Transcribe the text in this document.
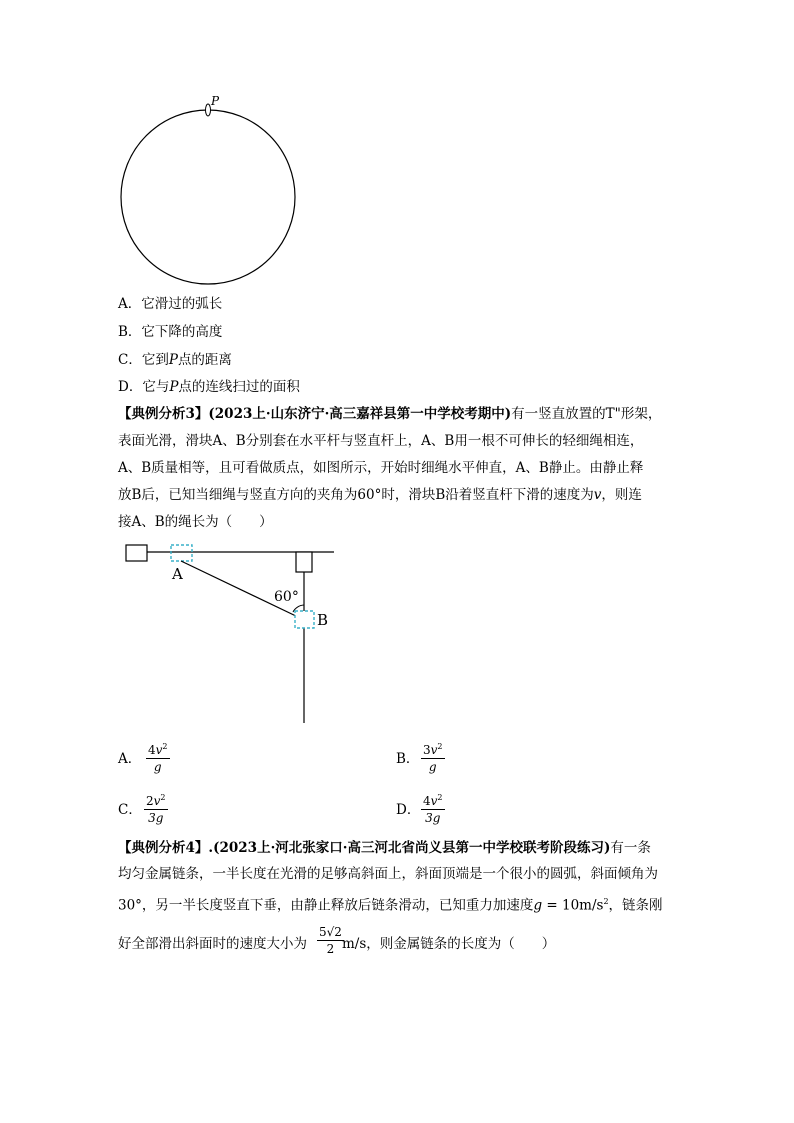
P
A．它滑过的弧长
B．它下降的高度
C．它到P点的距离
D．它与P点的连线扫过的面积
【典例分析3】(2023上·山东济宁·高三嘉祥县第一中学校考期中)有一竖直放置的T"形架，
表面光滑，滑块A、B分别套在水平杆与竖直杆上，A、B用一根不可伸长的轻细绳相连，
A、B质量相等，且可看做质点，如图所示，开始时细绳水平伸直，A、B静止。由静止释
放B后，已知当细绳与竖直方向的夹角为60°时，滑块B沿着竖直杆下滑的速度为v，则连
接A、B的绳长为（　　）
A
B
60°
A． $\frac{4v^2}{g}$	B． $\frac{3v^2}{g}$
C． $\frac{2v^2}{3g}$	D． $\frac{4v^2}{3g}$
【典例分析4】.(2023上·河北张家口·高三河北省尚义县第一中学校联考阶段练习)有一条
均匀金属链条，一半长度在光滑的足够高斜面上，斜面顶端是一个很小的圆弧，斜面倾角为
30°，另一半长度竖直下垂，由静止释放后链条滑动，已知重力加速度$g = 10m/s^2$，链条刚
好全部滑出斜面时的速度大小为 $\frac{5√2}{2}$
m/s，则金属链条的长度为（　　）
